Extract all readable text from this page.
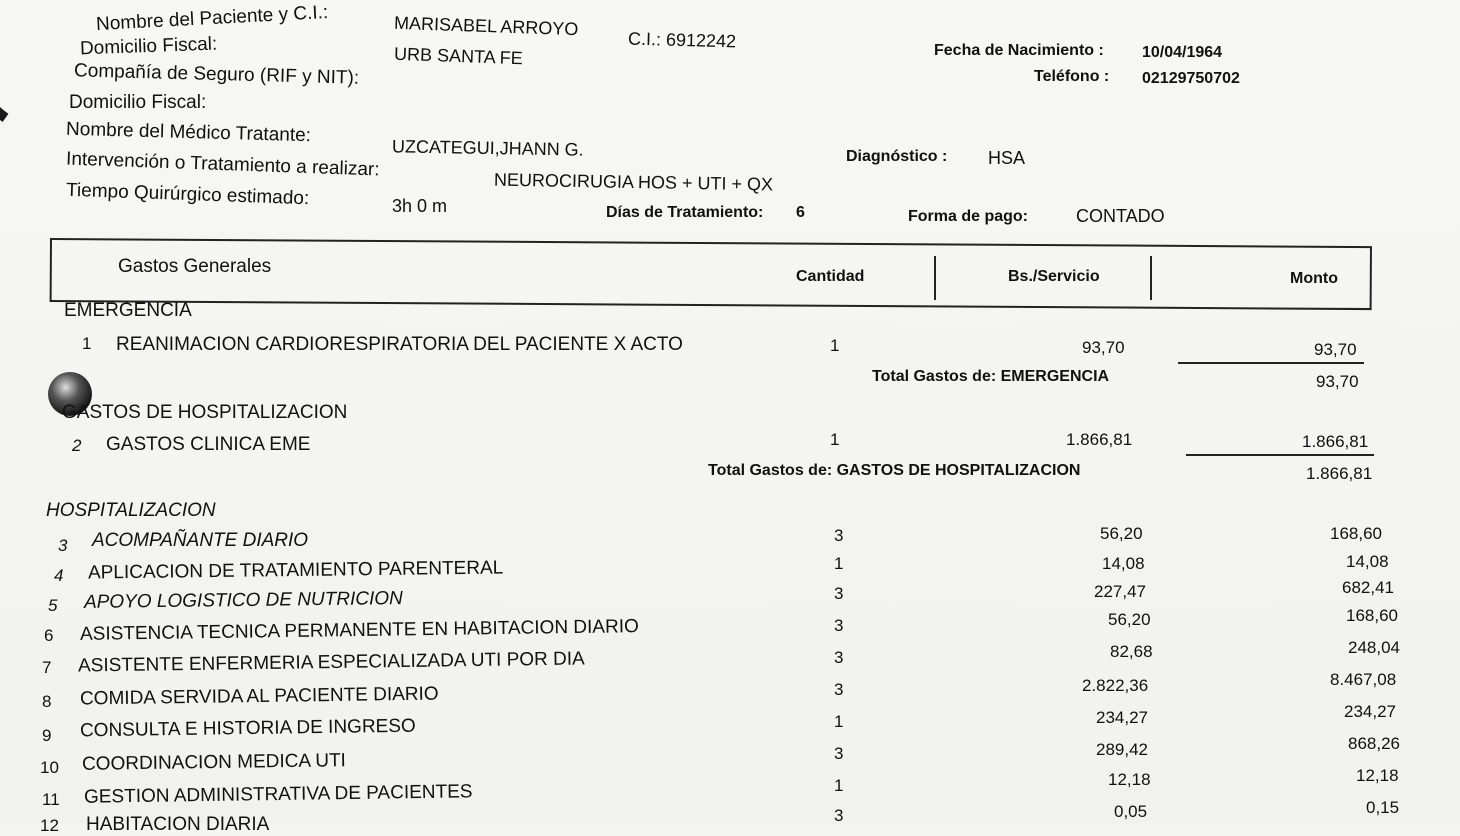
Nombre del Paciente y C.I.:	MARISABEL ARROYO
C.I.: 6912242
Domicilio Fiscal:	URB SANTA FE	Fecha de Nacimiento : 10/04/1964
Teléfono : 02129750702
Compañía de Seguro (RIF y NIT):
Domicilio Fiscal:
Nombre del Médico Tratante:
UZCATEGUI,JHANN G.	Diagnóstico : HSA
Intervención o Tratamiento a realizar:
NEUROCIRUGIA HOS + UTI + QX
Tiempo Quirúrgico estimado:	3h 0 m	Días de Tratamiento: 6	Forma de pago:	CONTADO
Gastos Generales	Cantidad	Bs./Servicio	Monto
EMERGENCIA
1 REANIMACION CARDIORESPIRATORIA DEL PACIENTE X ACTO	1	93,70	93,70
Total Gastos de: EMERGENCIA	93,70
GASTOS DE HOSPITALIZACION
2 GASTOS CLINICA EME	1	1.866,81	1.866,81
Total Gastos de: GASTOS DE HOSPITALIZACION	1.866,81
HOSPITALIZACION
3 ACOMPAÑANTE DIARIO	3	56,20	168,60
4 APLICACION DE TRATAMIENTO PARENTERAL	1	14,08	14,08
5 APOYO LOGISTICO DE NUTRICION	3	227,47	682,41
6 ASISTENCIA TECNICA PERMANENTE EN HABITACION DIARIO	3	56,20	168,60
7 ASISTENTE ENFERMERIA ESPECIALIZADA UTI POR DIA	3	82,68	248,04
8 COMIDA SERVIDA AL PACIENTE DIARIO	3	2.822,36	8.467,08
9 CONSULTA E HISTORIA DE INGRESO	1	234,27	234,27
10 COORDINACION MEDICA UTI	3	289,42	868,26
11 GESTION ADMINISTRATIVA DE PACIENTES	1	12,18	12,18
12 HABITACION DIARIA	3	0,05	0,15
